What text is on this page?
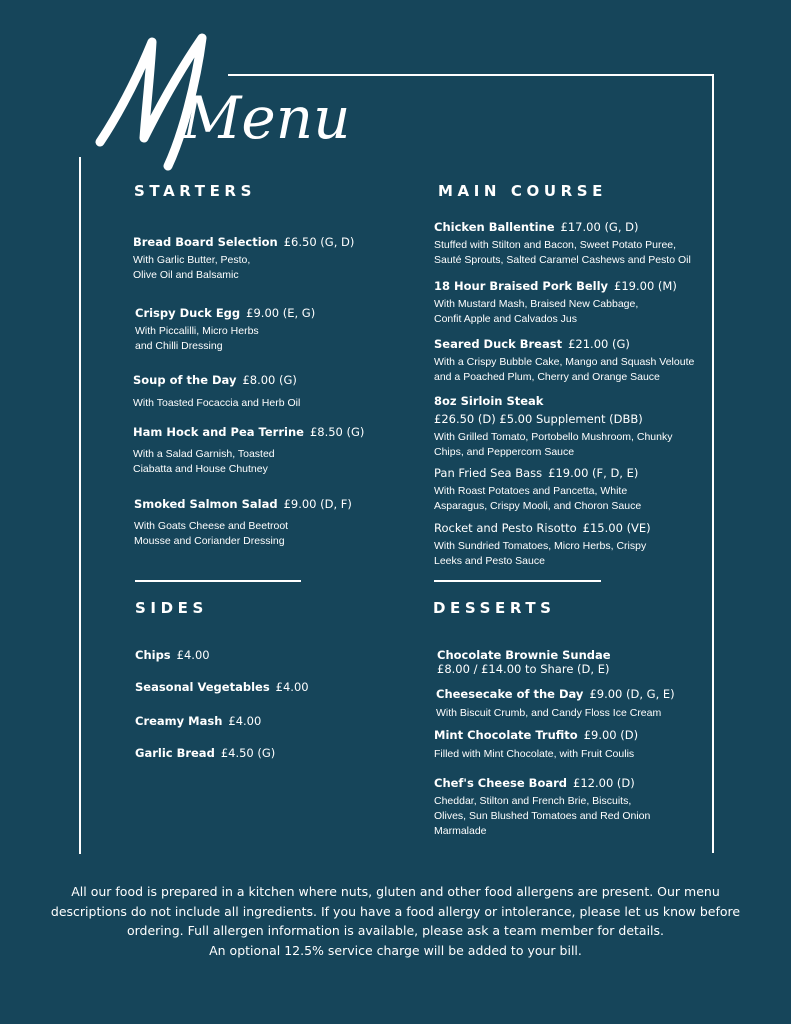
Menu
STARTERS
Bread Board Selection £6.50 (G, D)
With Garlic Butter, Pesto,
Olive Oil and Balsamic
Crispy Duck Egg £9.00 (E, G)
With Piccalilli, Micro Herbs
and Chilli Dressing
Soup of the Day £8.00 (G)
With Toasted Focaccia and Herb Oil
Ham Hock and Pea Terrine £8.50 (G)
With a Salad Garnish, Toasted
Ciabatta and House Chutney
Smoked Salmon Salad £9.00 (D, F)
With Goats Cheese and Beetroot
Mousse and Coriander Dressing
MAIN COURSE
Chicken Ballentine £17.00 (G, D)
Stuffed with Stilton and Bacon, Sweet Potato Puree,
Sauté Sprouts, Salted Caramel Cashews and Pesto Oil
18 Hour Braised Pork Belly £19.00 (M)
With Mustard Mash, Braised New Cabbage,
Confit Apple and Calvados Jus
Seared Duck Breast £21.00 (G)
With a Crispy Bubble Cake, Mango and Squash Veloute
and a Poached Plum, Cherry and Orange Sauce
8oz Sirloin Steak
£26.50 (D) £5.00 Supplement (DBB)
With Grilled Tomato, Portobello Mushroom, Chunky
Chips, and Peppercorn Sauce
Pan Fried Sea Bass £19.00 (F, D, E)
With Roast Potatoes and Pancetta, White
Asparagus, Crispy Mooli, and Choron Sauce
Rocket and Pesto Risotto £15.00 (VE)
With Sundried Tomatoes, Micro Herbs, Crispy
Leeks and Pesto Sauce
SIDES
Chips £4.00
Seasonal Vegetables £4.00
Creamy Mash £4.00
Garlic Bread £4.50 (G)
DESSERTS
Chocolate Brownie Sundae
£8.00 / £14.00 to Share (D, E)
Cheesecake of the Day £9.00 (D, G, E)
With Biscuit Crumb, and Candy Floss Ice Cream
Mint Chocolate Trufito £9.00 (D)
Filled with Mint Chocolate, with Fruit Coulis
Chef's Cheese Board £12.00 (D)
Cheddar, Stilton and French Brie, Biscuits,
Olives, Sun Blushed Tomatoes and Red Onion
Marmalade
All our food is prepared in a kitchen where nuts, gluten and other food allergens are present. Our menu descriptions do not include all ingredients. If you have a food allergy or intolerance, please let us know before ordering. Full allergen information is available, please ask a team member for details.
An optional 12.5% service charge will be added to your bill.
